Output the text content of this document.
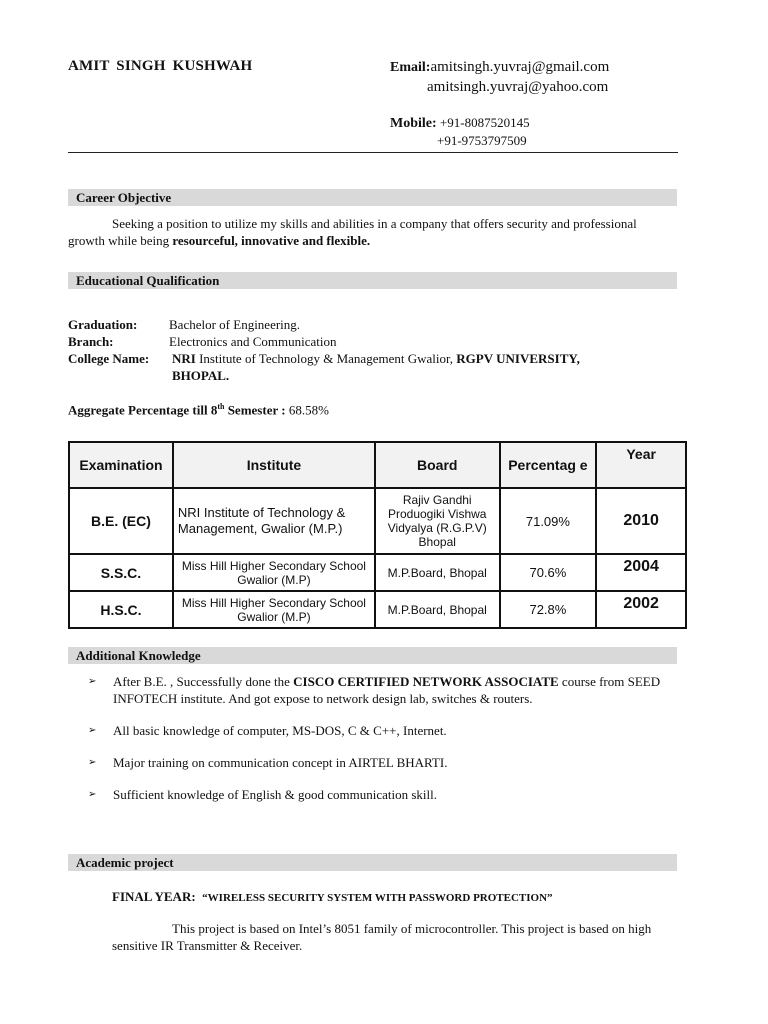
AMIT SINGH KUSHWAH	Email:amitsingh.yuvraj@gmail.com
amitsingh.yuvraj@yahoo.com
Mobile: +91-8087520145
+91-9753797509
Career Objective
Seeking a position to utilize my skills and abilities in a company that offers security and professional growth while being resourceful, innovative and flexible.
Educational Qualification
Graduation: Bachelor of Engineering.
Branch:	Electronics and Communication
College Name: NRI Institute of Technology & Management Gwalior, RGPV UNIVERSITY,
BHOPAL.
Aggregate Percentage till 8th Semester : 68.58%
Examination	Institute	Board	Percentag e	Year
B.E. (EC)	NRI Institute of Technology & Management, Gwalior (M.P.)	Rajiv Gandhi Produogiki Vishwa Vidyalya (R.G.P.V) Bhopal	71.09%	2010
S.S.C.	Miss Hill Higher Secondary School Gwalior (M.P)	M.P.Board, Bhopal	70.6%	2004
H.S.C.	Miss Hill Higher Secondary School Gwalior (M.P)	M.P.Board, Bhopal	72.8%	2002
Additional Knowledge
➢ After B.E. , Successfully done the CISCO CERTIFIED NETWORK ASSOCIATE course from SEED INFOTECH institute. And got expose to network design lab, switches & routers.
➢ All basic knowledge of computer, MS-DOS, C & C++, Internet.
➢ Major training on communication concept in AIRTEL BHARTI.
➢ Sufficient knowledge of English & good communication skill.
Academic project
FINAL YEAR: “WIRELESS SECURITY SYSTEM WITH PASSWORD PROTECTION”
This project is based on Intel’s 8051 family of microcontroller. This project is based on high sensitive IR Transmitter & Receiver.
